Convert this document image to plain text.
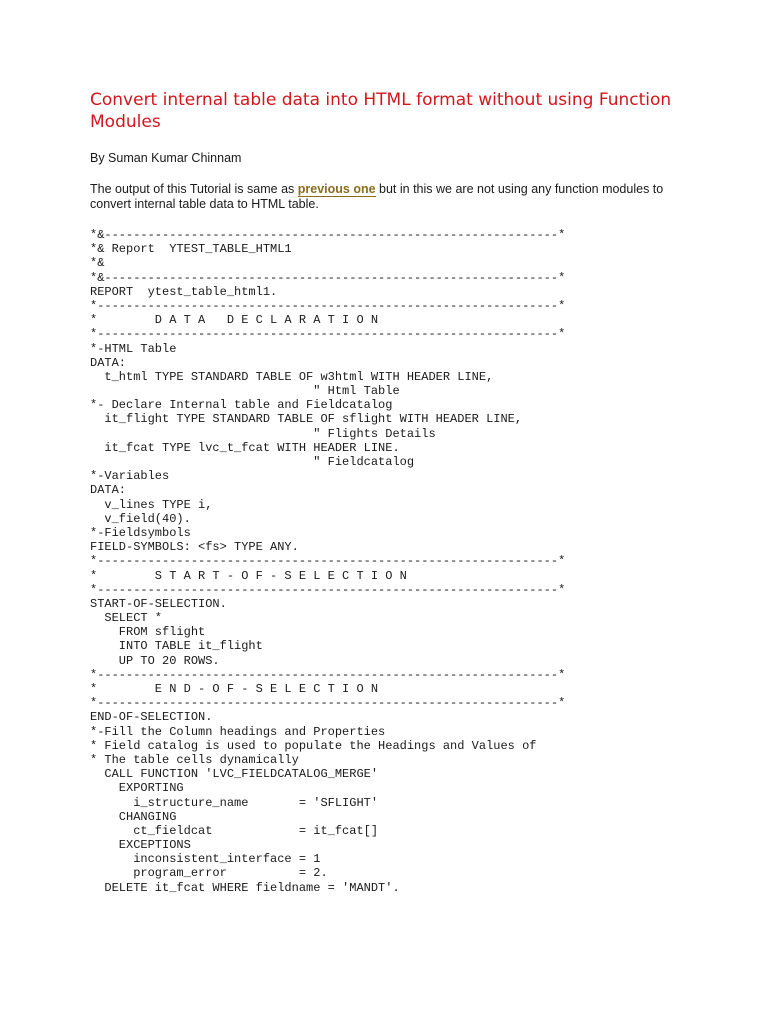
Convert internal table data into HTML format without using Function Modules

By Suman Kumar Chinnam

The output of this Tutorial is same as previous one but in this we are not using any function modules to convert internal table data to HTML table.

*&---------------------------------------------------------------*
*& Report  YTEST_TABLE_HTML1
*&
*&---------------------------------------------------------------*
REPORT  ytest_table_html1.
*----------------------------------------------------------------*
*        D A T A   D E C L A R A T I O N
*----------------------------------------------------------------*
*-HTML Table
DATA:
t_html TYPE STANDARD TABLE OF w3html WITH HEADER LINE,
" Html Table
*- Declare Internal table and Fieldcatalog
it_flight TYPE STANDARD TABLE OF sflight WITH HEADER LINE,
" Flights Details
it_fcat TYPE lvc_t_fcat WITH HEADER LINE.
" Fieldcatalog
*-Variables
DATA:
v_lines TYPE i,
v_field(40).
*-Fieldsymbols
FIELD-SYMBOLS: <fs> TYPE ANY.
*----------------------------------------------------------------*
*        S T A R T - O F - S E L E C T I O N
*----------------------------------------------------------------*
START-OF-SELECTION.
SELECT *
FROM sflight
INTO TABLE it_flight
UP TO 20 ROWS.
*----------------------------------------------------------------*
*        E N D - O F - S E L E C T I O N
*----------------------------------------------------------------*
END-OF-SELECTION.
*-Fill the Column headings and Properties
* Field catalog is used to populate the Headings and Values of
* The table cells dynamically
CALL FUNCTION 'LVC_FIELDCATALOG_MERGE'
EXPORTING
i_structure_name       = 'SFLIGHT'
CHANGING
ct_fieldcat            = it_fcat[]
EXCEPTIONS
inconsistent_interface = 1
program_error          = 2.
DELETE it_fcat WHERE fieldname = 'MANDT'.
